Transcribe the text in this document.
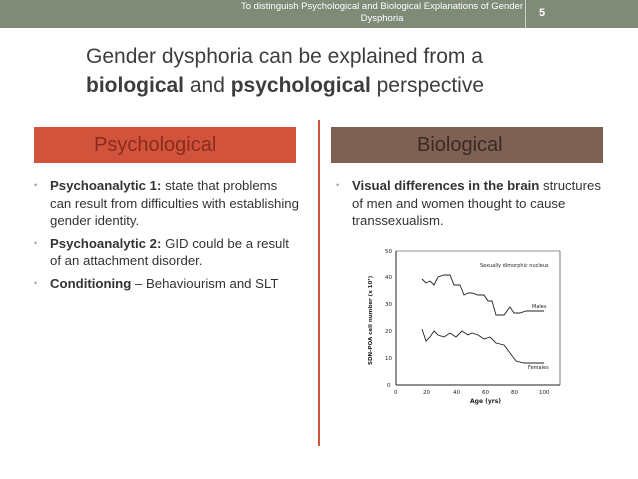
To distinguish Psychological and Biological Explanations of Gender Dysphoria	5
Gender dysphoria can be explained from a
biological and psychological perspective
Psychological	Biological
• Psychoanalytic 1: state that problems can result from difficulties with establishing gender identity.
• Psychoanalytic 2: GID could be a result of an attachment disorder.
• Conditioning – Behaviourism and SLT
• Visual differences in the brain structures of men and women thought to cause transsexualism.
0
10
20
30
40
50
0	20	40	60	80	100
Age (yrs)
SDN-POA cell number (x 10³)
Sexually dimorphic nucleus
Males
Females
